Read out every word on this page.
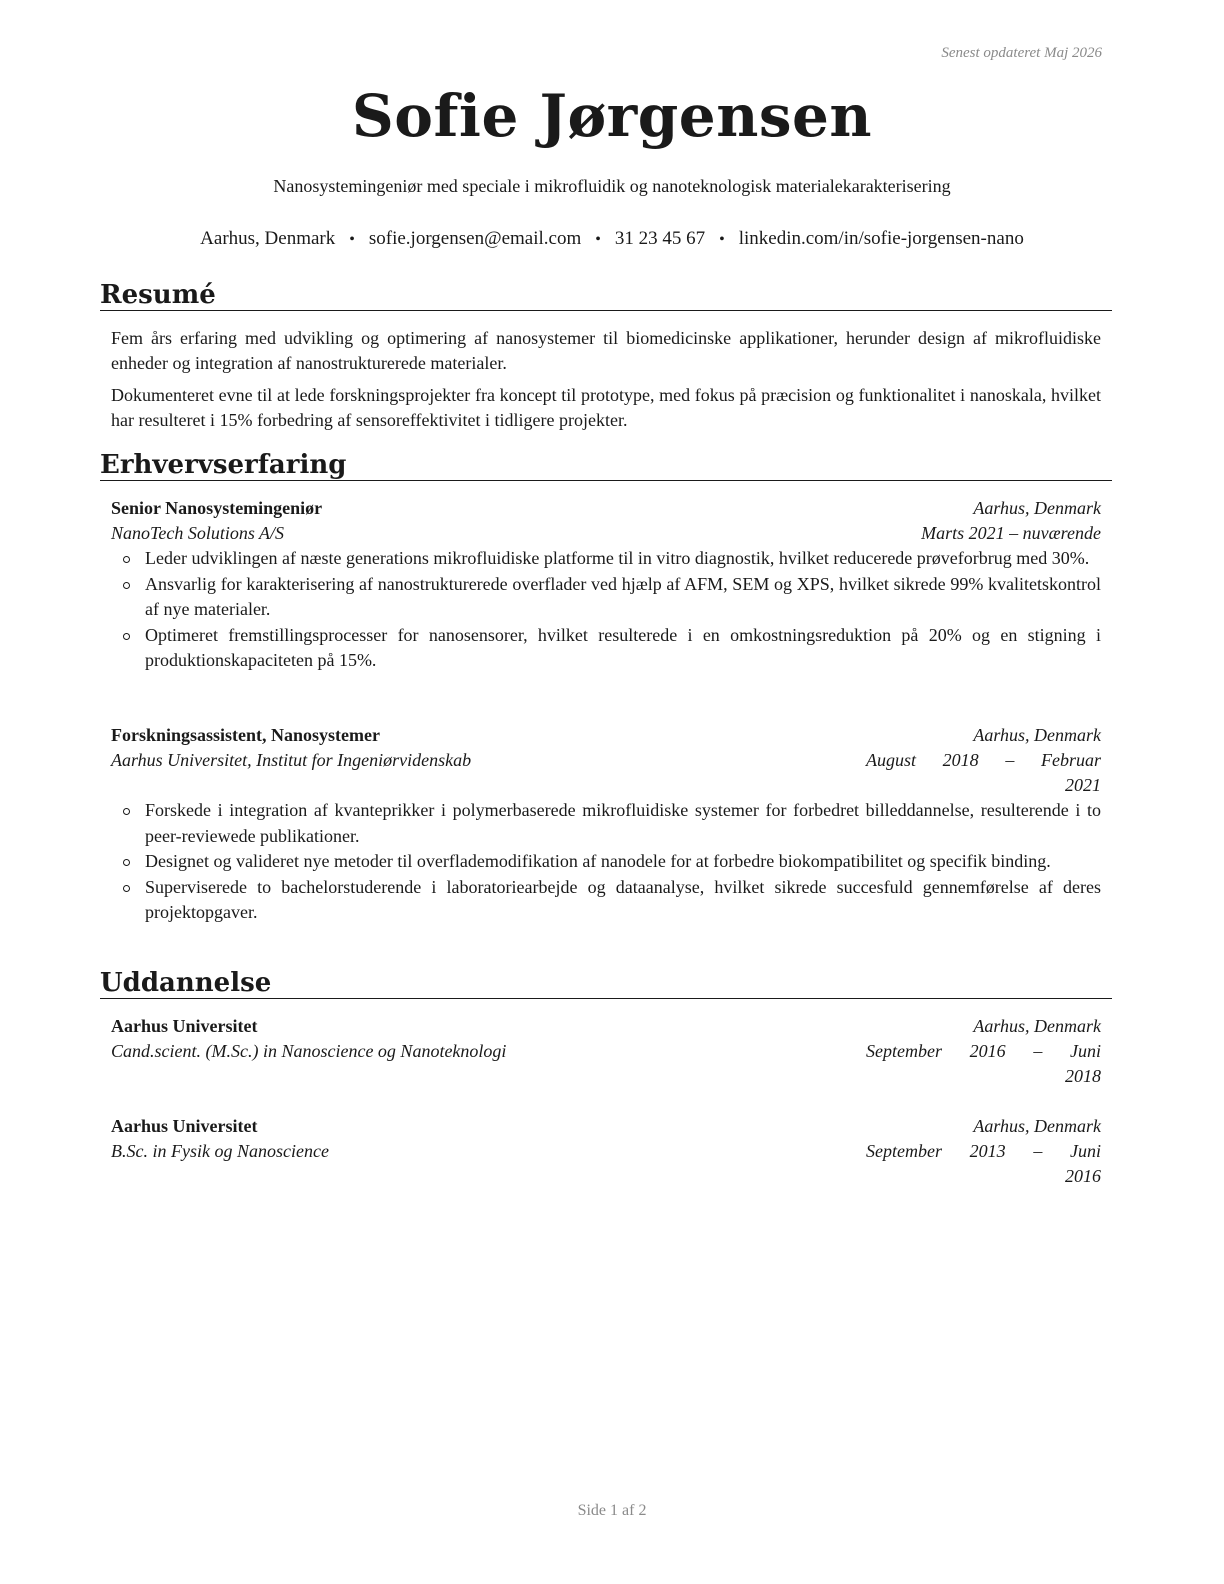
Senest opdateret Maj 2026
Sofie Jørgensen
Nanosystemingeniør med speciale i mikrofluidik og nanoteknologisk materialekarakterisering
Aarhus, Denmark • sofie.jorgensen@email.com • 31 23 45 67 • linkedin.com/in/sofie-jorgensen-nano
Resumé
Fem års erfaring med udvikling og optimering af nanosystemer til biomedicinske applikationer, herunder design af mikrofluidiske enheder og integration af nanostrukturerede materialer.
Dokumenteret evne til at lede forskningsprojekter fra koncept til prototype, med fokus på præcision og funktionalitet i nanoskala, hvilket har resulteret i 15% forbedring af sensoreffektivitet i tidligere projekter.
Erhvervserfaring
Senior Nanosystemingeniør	Aarhus, Denmark
NanoTech Solutions A/S	Marts 2021 – nuværende
Leder udviklingen af næste generations mikrofluidiske platforme til in vitro diagnostik, hvilket reducerede prøveforbrug med 30%.
Ansvarlig for karakterisering af nanostrukturerede overflader ved hjælp af AFM, SEM og XPS, hvilket sikrede 99% kvalitetskontrol af nye materialer.
Optimeret fremstillingsprocesser for nanosensorer, hvilket resulterede i en omkostningsreduktion på 20% og en stigning i produktionskapaciteten på 15%.
Forskningsassistent, Nanosystemer	Aarhus, Denmark
Aarhus Universitet, Institut for Ingeniørvidenskab	August 2018 – Februar
2021
Forskede i integration af kvanteprikker i polymerbaserede mikrofluidiske systemer for forbedret billeddannelse, resulterende i to peer-reviewede publikationer.
Designet og valideret nye metoder til overflademodifikation af nanodele for at forbedre biokompatibilitet og specifik binding.
Superviserede to bachelorstuderende i laboratoriearbejde og dataanalyse, hvilket sikrede succesfuld gennemførelse af deres projektopgaver.
Uddannelse
Aarhus Universitet	Aarhus, Denmark
Cand.scient. (M.Sc.) in Nanoscience og Nanoteknologi	September 2016 – Juni
2018
Aarhus Universitet	Aarhus, Denmark
B.Sc. in Fysik og Nanoscience	September 2013 – Juni
2016
Side 1 af 2
